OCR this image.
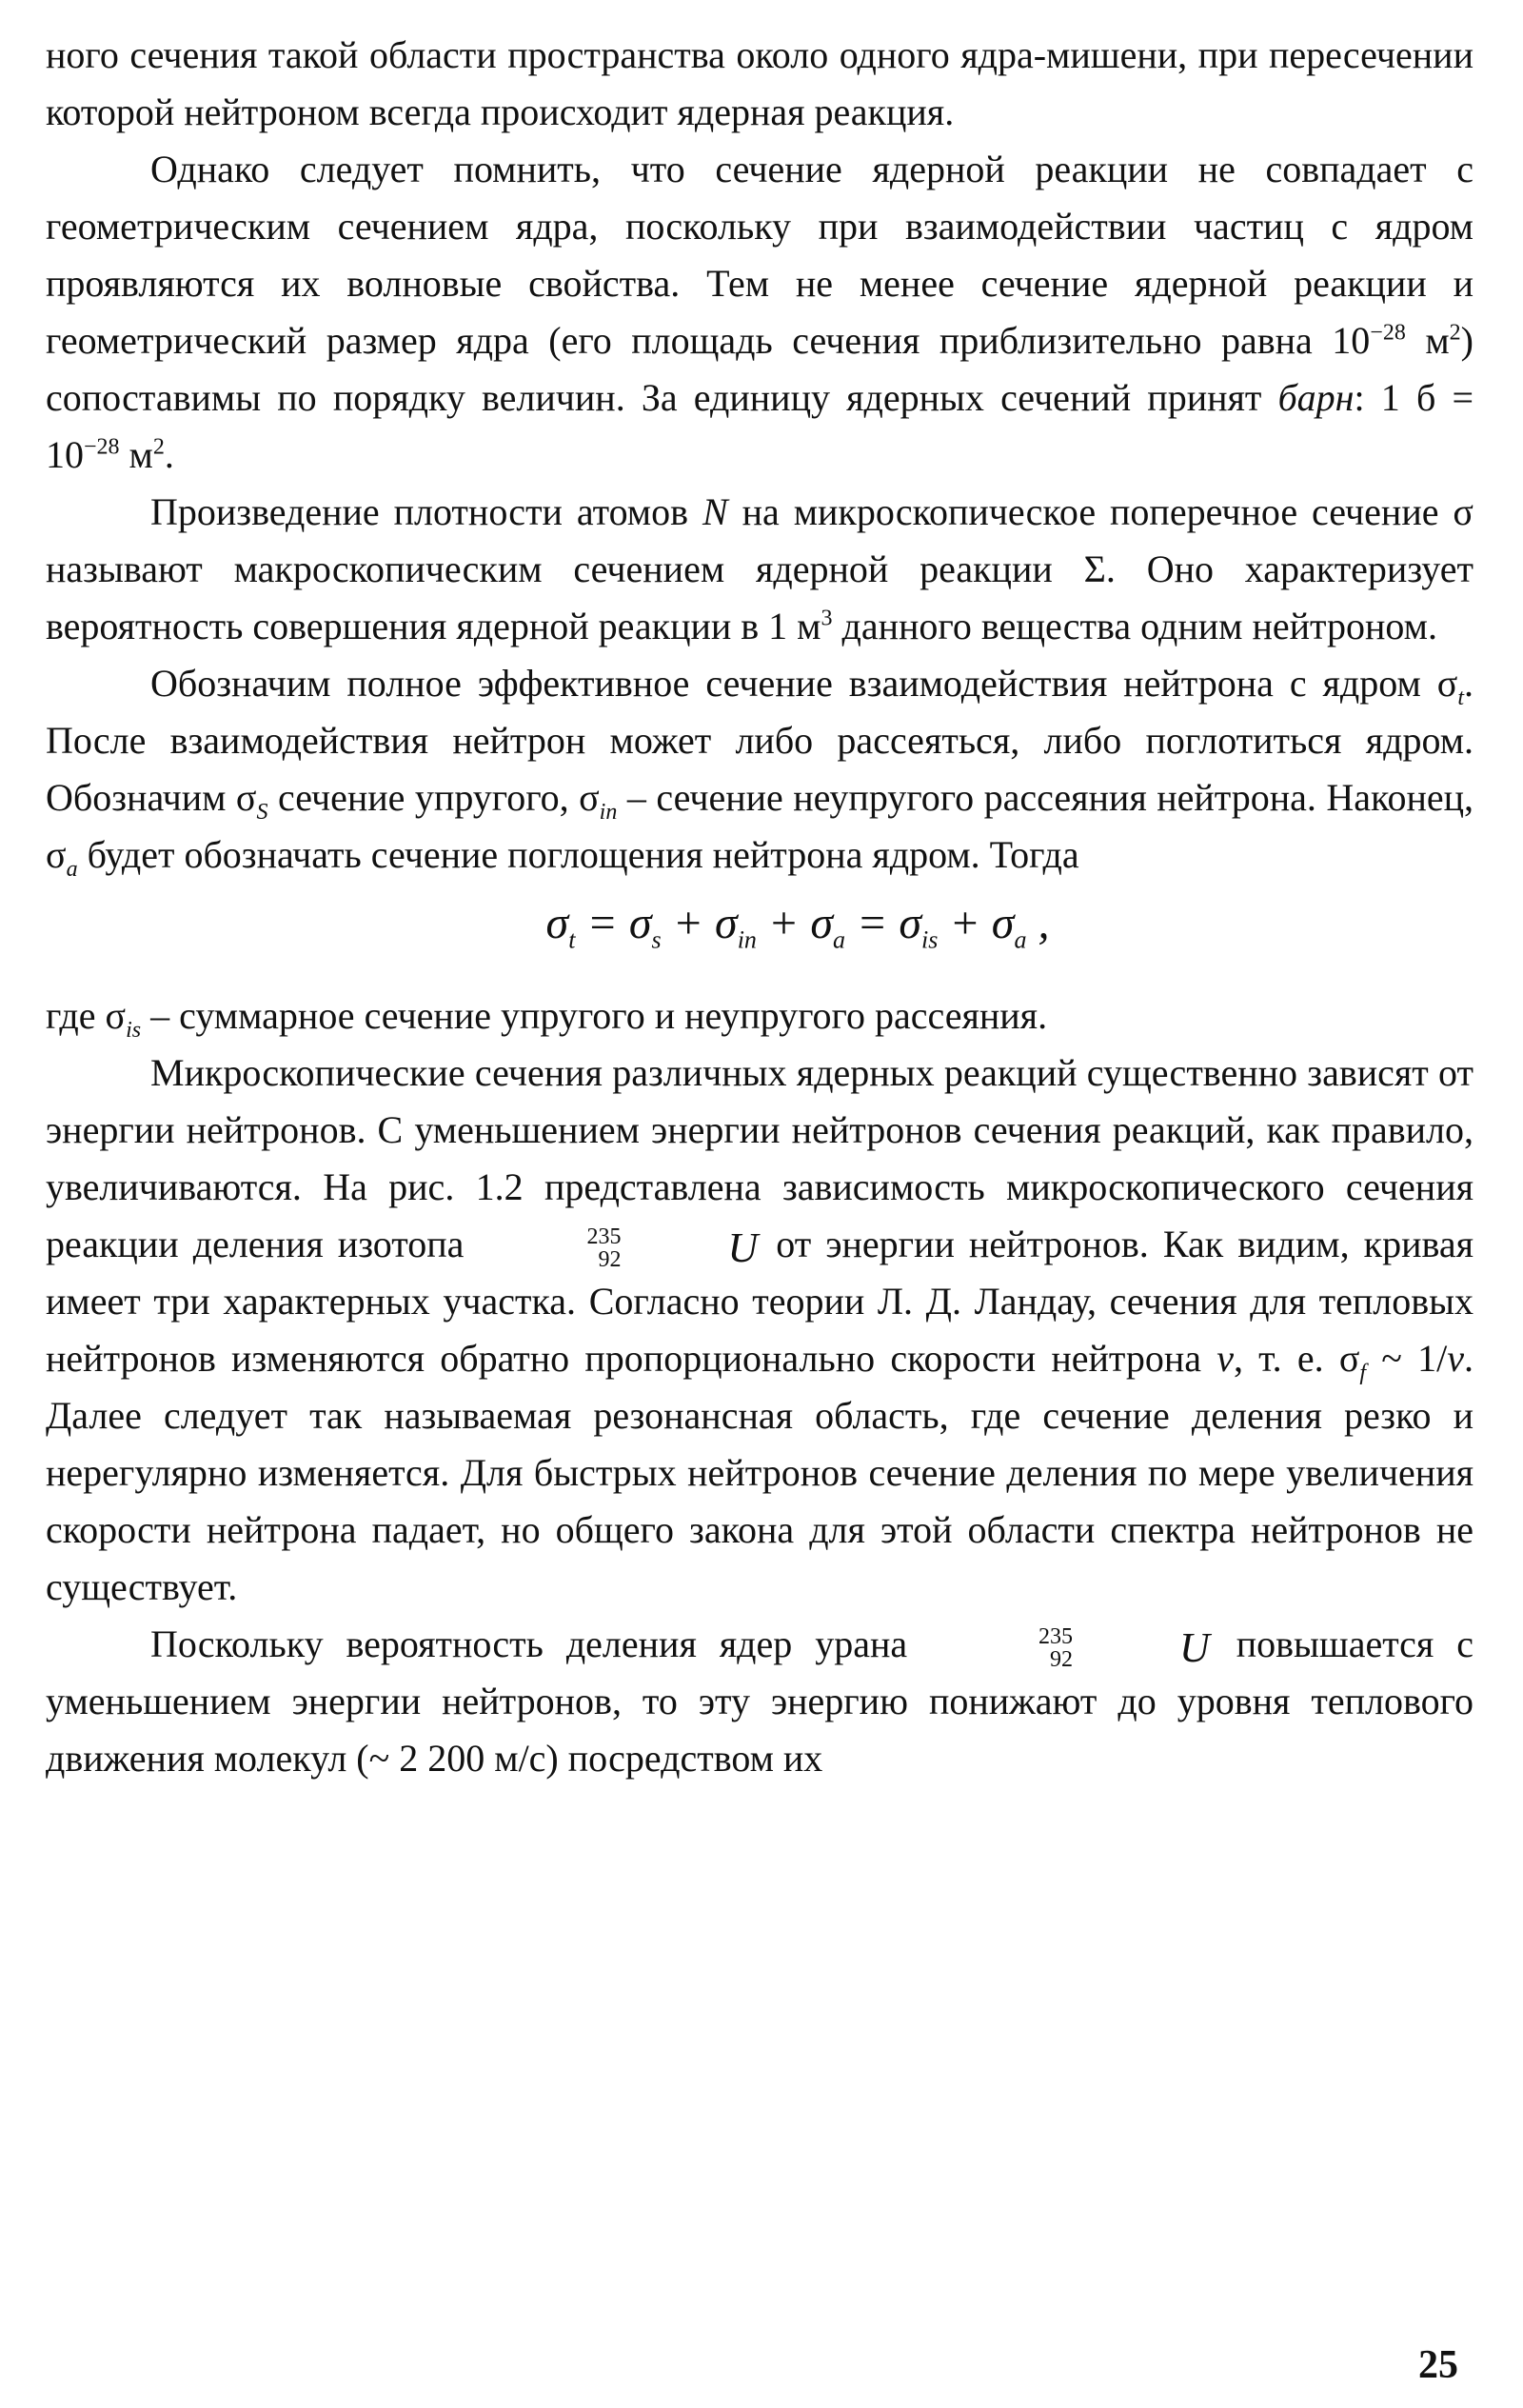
ного сечения такой области пространства около одного ядра-мишени, при пересечении которой нейтроном всегда происходит ядерная реакция.

Однако следует помнить, что сечение ядерной реакции не совпадает с геометрическим сечением ядра, поскольку при взаимодействии частиц с ядром проявляются их волновые свойства. Тем не менее сечение ядерной реакции и геометрический размер ядра (его площадь сечения приблизительно равна $10^{-28}$ $м^2$) сопоставимы по порядку величин. За единицу ядерных сечений принят барн: 1 $б = 10^{-28}$ $м^2$.

Произведение плотности атомов N на микроскопическое поперечное сечение σ называют макроскопическим сечением ядерной реакции Σ. Оно характеризует вероятность совершения ядерной реакции в 1 $м^3$ данного вещества одним нейтроном.

Обозначим полное эффективное сечение взаимодействия нейтрона с ядром $\sigma_t$. После взаимодействия нейтрон может либо рассеяться, либо поглотиться ядром. Обозначим $\sigma_S$ сечение упругого, $\sigma_{in}$ – сечение неупругого рассеяния нейтрона. Наконец, $\sigma_a$ будет обозначать сечение поглощения нейтрона ядром. Тогда

$\sigma_t = \sigma_s + \sigma_{in} + \sigma_a = \sigma_{is} + \sigma_a$ ,

где $\sigma_{is}$ – суммарное сечение упругого и неупругого рассеяния.

Микроскопические сечения различных ядерных реакций существенно зависят от энергии нейтронов. С уменьшением энергии нейтронов сечения реакций, как правило, увеличиваются. На рис. 1.2 представлена зависимость микроскопического сечения реакции деления изотопа	235
92	U от энергии нейтронов. Как видим, кривая имеет три характерных участка. Согласно теории Л. Д. Ландау, сечения для тепловых нейтронов изменяются обратно пропорционально скорости нейтрона v, т. е. $\sigma_f$ ~ 1/v. Далее следует так называемая резонансная область, где сечение деления резко и нерегулярно изменяется. Для быстрых нейтронов сечение деления по мере увеличения скорости нейтрона падает, но общего закона для этой области спектра нейтронов не существует.

Поскольку вероятность деления ядер урана	235
92	U повышается с уменьшением энергии нейтронов, то эту энергию понижают до уровня теплового движения молекул (~ 2 200 м/с) посредством их

25
